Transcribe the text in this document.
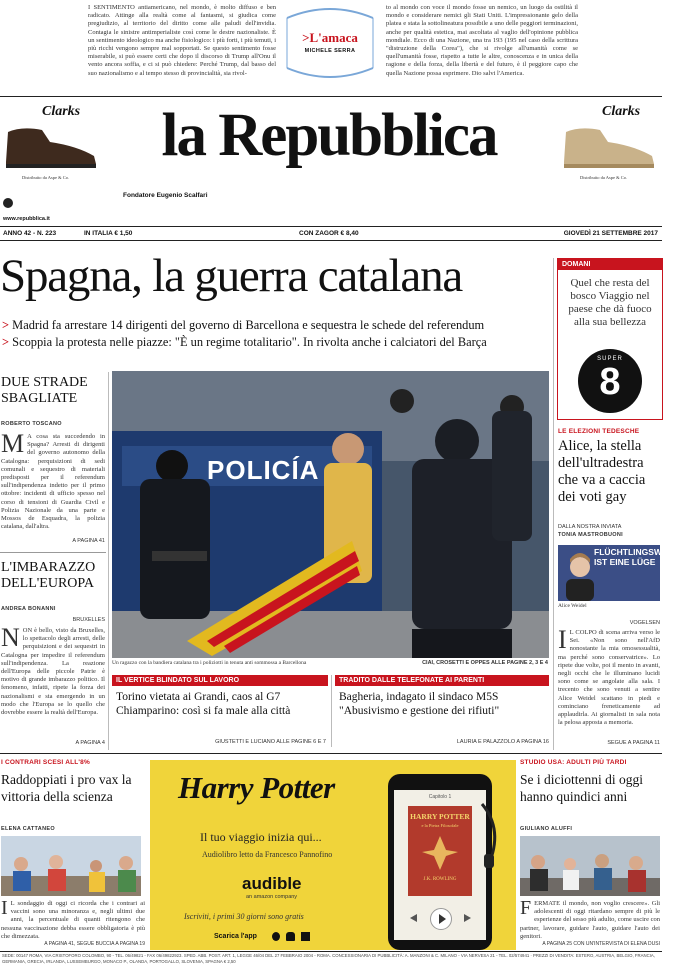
I SENTIMENTO antiamericano, nel mondo, è molto diffuso e ben radicato. Attinge alla realtà come al fantasmi, si giudica come pregiudizio, al territorio del diritto come alle paludi dell'invidia. Contagia le sinistre antimperialiste così come le destre nazionaliste. È un sentimento ideologico ma anche fisiologico: i più forti, i più temuti, i più ricchi vengono sempre mal sopportati. Se questo sentimento fosse miserabile, si può essere certi che dopo il discorso di Trump all'Onu il vento ancora soffia, e ci si può chiedere: Perché Trump, dal basso del suo nazionalismo e al tempo stesso di provincialità, sia rivol-
>L'amaca
MICHELE SERRA
to al mondo con voce il mondo fosse un nemico, un luogo da ostilità il mondo e considerare nemici gli Stati Uniti. L'impressionante gelo della platea e stata la sottolineatura possibile a uno delle peggiori terminazioni, anche per qualità estetica, mai ascoltata al vaglio dell'opinione pubblica mondiale. Ecco di una Nazione, una tra 193 (195 nel caso della scrittura "distruzione della Corea"), che si rivolge all'umanità come se quell'umanità fosse, rispetto a tutte le altre, conoscenza e in unica della ragione e della forza, della libertà e del futuro, è il peggiore capo che quella Nazione possa esprimere. Dio salvi l'America.
Clarks
Distribuito da Aspe & Co.
la Repubblica
Fondatore Eugenio Scalfari
Clarks
Distribuito da Aspe & Co.
www.repubblica.it
ANNO 42 - N. 223	IN ITALIA € 1,50	CON ZAGOR € 8,40	GIOVEDÌ 21 SETTEMBRE 2017
Spagna, la guerra catalana
> Madrid fa arrestare 14 dirigenti del governo di Barcellona e sequestra le schede del referendum
> Scoppia la protesta nelle piazze: "È un regime totalitario". In rivolta anche i calciatori del Barça
POLICÍA
Un ragazzo con la bandiera catalana tra i poliziotti in tenuta anti sommossa a Barcellona	CIAI, CROSETTI E OPPES ALLE PAGINE 2, 3 E 4
DUE STRADE SBAGLIATE
ROBERTO TOSCANO
M A cosa sta succedendo in Spagna? Arresti di dirigenti del governo autonomo della Catalogna: perquisizioni di sedi comunali e sequestro di materiali predisposti per il referendum sull'indipendenza indetto per il primo ottobre: incidenti di ufficio spesso nel corso di tensioni di Guardia Civil e Polizia Nazionale da una parte e Mossos de Esquadra, la polizia catalana, dall'altra.
A PAGINA 41
L'IMBARAZZO DELL'EUROPA
ANDREA BONANNI
BRUXELLES
NON è bello, visto da Bruxelles, lo spettacolo degli arresti, delle perquisizioni e dei sequestri in Catalogna per impedire il referendum sull'indipendenza. La reazione dell'Europa delle piccole Patrie è motivo di grande imbarazzo politico. Il fenomeno, infatti, ripete la forza dei nazionalismi e sta emergendo in un modo che l'Europa se lo quello che dovrebbe essere la realtà dell'Europa.
A PAGINA 4
DOMANI
Quel che resta del bosco Viaggio nel paese che dà fuoco alla sua bellezza
SUPER
8
LE ELEZIONI TEDESCHE
Alice, la stella dell'ultradestra che va a caccia dei voti gay
DALLA NOSTRA INVIATA
TONIA MASTROBUONI
FLÜCHTLINGSWELLE IST EINE LÜGE
Alice Weidel
VOGELSEN
I L COLPO di scena arriva verso le Sei. «Non sono nell'AfD nonostante la mia omosessualità, ma perché sono conservatrice». Lo ripete due volte, poi il mento in avanti, negli occhi che le illuminano lucidi sono come se angolate alla sala. I trecento che sono venuti a sentire Alice Weidel scattano in piedi e cominciano freneticamente ad applaudirla. Ai giornalisti in sala nota la pelosa apposta a memoria.
SEGUE A PAGINA 11
IL VERTICE BLINDATO SUL LAVORO
Torino vietata ai Grandi, caos al G7 Chiamparino: così si fa male alla città
GIUSTETTI E LUCIANO ALLE PAGINE 6 E 7
TRADITO DALLE TELEFONATE AI PARENTI
Bagheria, indagato il sindaco M5S "Abusivismo e gestione dei rifiuti"
LAURIA E PALAZZOLO A PAGINA 16
I CONTRARI SCESI ALL'8%
Raddoppiati i pro vax la vittoria della scienza
ELENA CATTANEO
I L sondaggio di oggi ci ricorda che i contrari ai vaccini sono una minoranza e, negli ultimi due anni, la percentuale di quanti ritengono che nessuna vaccinazione debba essere obbligatoria è più che dimezzata.
A PAGINA 41, SEGUE BUCCIA A PAGINA 19
Harry Potter
Il tuo viaggio inizia qui...
Audiolibro letto da Francesco Pannofino
audible
an amazon company
Iscriviti, i primi 30 giorni sono gratis
Scarica l'app
Capitolo 1
HARRY POTTER
e la Pietra Filosofale
J.K. ROWLING
STUDIO USA: ADULTI PIÙ TARDI
Se i diciottenni di oggi hanno quindici anni
GIULIANO ALUFFI
FERMATE il mondo, non voglio crescere». Gli adolescenti di oggi ritardano sempre di più le esperienze del sesso più adulto, come uscire con partner, lavorare, guidare l'auto, guidare l'auto dei genitori.
A PAGINA 25 CON UN'INTERVISTA DI ELENA DUSI
SEDE: 00147 ROMA, VIA CRISTOFORO COLOMBO, 90 - TEL. 06/49821 - FAX 06/49822923. SPED. ABB. POST. ART. 1, LEGGE 46/04 DEL 27 FEBBRAIO 2004 - ROMA. CONCESSIONARIA DI PUBBLICITÀ: A. MANZONI & C. MILANO - VIA NERVESA 21 - TEL. 02/574941 · PREZZI DI VENDITA: ESTERO, AUSTRIA, BELGIO, FRANCIA, GERMANIA, GRECIA, IRLANDA, LUSSEMBURGO, MONACO P., OLANDA, PORTOGALLO, SLOVENIA, SPAGNA € 2,50
